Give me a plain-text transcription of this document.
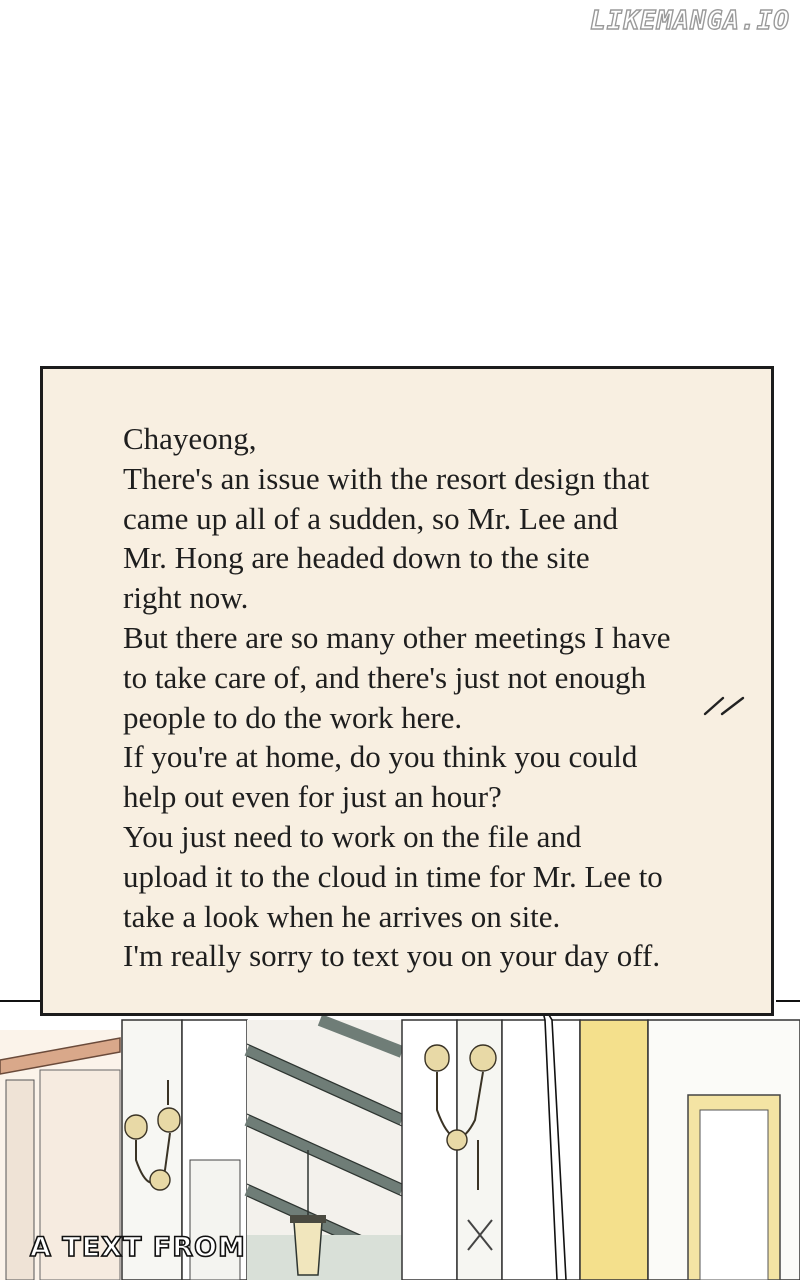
LIKEMANGA.IO

Chayeong,
There's an issue with the resort design that
came up all of a sudden, so Mr. Lee and
Mr. Hong are headed down to the site
right now.
But there are so many other meetings I have
to take care of, and there's just not enough
people to do the work here.
If you're at home, do you think you could
help out even for just an hour?
You just need to work on the file and
upload it to the cloud in time for Mr. Lee to
take a look when he arrives on site.
I'm really sorry to text you on your day off.

A TEXT FROM
